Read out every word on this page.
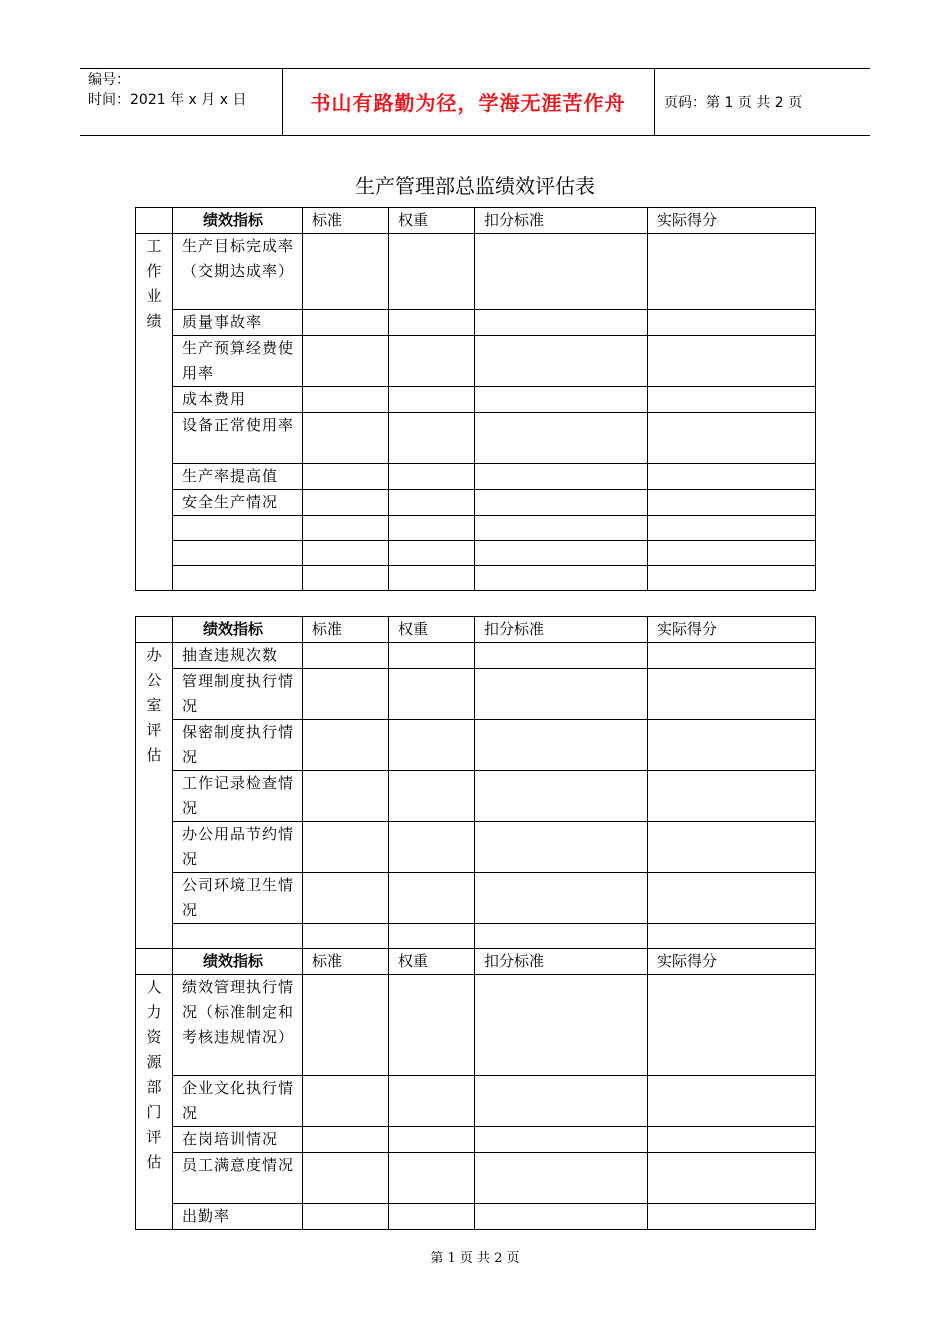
编号：
时间：2021 年 x 月 x 日	书山有路勤为径，学海无涯苦作舟	页码：第 1 页 共 2 页
生产管理部总监绩效评估表
	绩效指标	标准	权重	扣分标准	实际得分

工作业绩	生产目标完成率（交期达成率）				
	质量事故率				
	生产预算经费使用率				
	成本费用				
	设备正常使用率				
	生产率提高值				
	安全生产情况				

	绩效指标	标准	权重	扣分标准	实际得分

办公室评估	抽查违规次数				
	管理制度执行情况				
	保密制度执行情况				
	工作记录检查情况				
	办公用品节约情况				
	公司环境卫生情况				

	绩效指标	标准	权重	扣分标准	实际得分

人力资源部门评估	绩效管理执行情况（标准制定和考核违规情况）				
	企业文化执行情况				
	在岗培训情况				
	员工满意度情况				
	出勤率				
第 1 页 共 2 页
